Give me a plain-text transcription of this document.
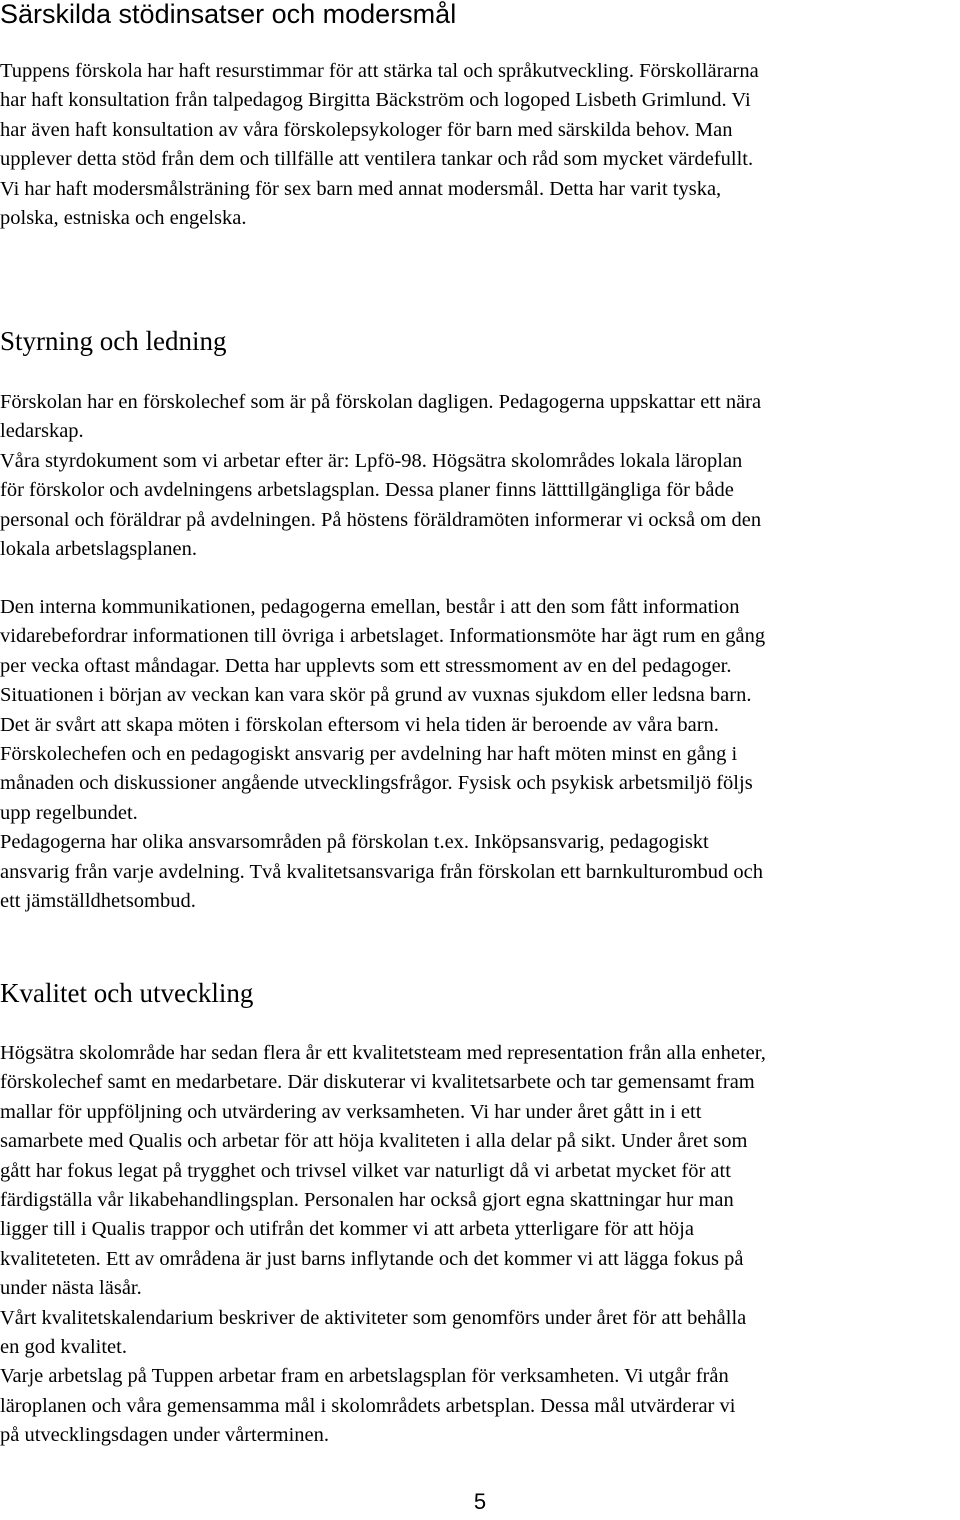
Särskilda stödinsatser och modersmål
Tuppens förskola har haft resurstimmar för att stärka tal och språkutveckling. Förskollärarna
har haft konsultation från talpedagog Birgitta Bäckström och logoped Lisbeth Grimlund. Vi
har även haft konsultation av våra förskolepsykologer för barn med särskilda behov. Man
upplever detta stöd från dem och tillfälle att ventilera tankar och råd som mycket värdefullt.
Vi har haft modersmålsträning för sex barn med annat modersmål. Detta har varit tyska,
polska, estniska och engelska.
Styrning och ledning
Förskolan har en förskolechef som är på förskolan dagligen. Pedagogerna uppskattar ett nära
ledarskap.
Våra styrdokument som vi arbetar efter är: Lpfö-98. Högsätra skolområdes lokala läroplan
för förskolor och avdelningens arbetslagsplan. Dessa planer finns lätttillgängliga för både
personal och föräldrar på avdelningen. På höstens föräldramöten informerar vi också om den
lokala arbetslagsplanen.
Den interna kommunikationen, pedagogerna emellan, består i att den som fått information
vidarebefordrar informationen till övriga i arbetslaget. Informationsmöte har ägt rum en gång
per vecka oftast måndagar. Detta har upplevts som ett stressmoment av en del pedagoger.
Situationen i början av veckan kan vara skör på grund av vuxnas sjukdom eller ledsna barn.
Det är svårt att skapa möten i förskolan eftersom vi hela tiden är beroende av våra barn.
Förskolechefen och en pedagogiskt ansvarig per avdelning har haft möten minst en gång i
månaden och diskussioner angående utvecklingsfrågor. Fysisk och psykisk arbetsmiljö följs
upp regelbundet.
Pedagogerna har olika ansvarsområden på förskolan t.ex. Inköpsansvarig, pedagogiskt
ansvarig från varje avdelning. Två kvalitetsansvariga från förskolan ett barnkulturombud och
ett jämställdhetsombud.
Kvalitet och utveckling
Högsätra skolområde har sedan flera år ett kvalitetsteam med representation från alla enheter,
förskolechef samt en medarbetare. Där diskuterar vi kvalitetsarbete och tar gemensamt fram
mallar för uppföljning och utvärdering av verksamheten. Vi har under året gått in i ett
samarbete med Qualis och arbetar för att höja kvaliteten i alla delar på sikt. Under året som
gått har fokus legat på trygghet och trivsel vilket var naturligt då vi arbetat mycket för att
färdigställa vår likabehandlingsplan. Personalen har också gjort egna skattningar hur man
ligger till i Qualis trappor och utifrån det kommer vi att arbeta ytterligare för att höja
kvaliteteten. Ett av områdena är just barns inflytande och det kommer vi att lägga fokus på
under nästa läsår.
Vårt kvalitetskalendarium beskriver de aktiviteter som genomförs under året för att behålla
en god kvalitet.
Varje arbetslag på Tuppen arbetar fram en arbetslagsplan för verksamheten. Vi utgår från
läroplanen och våra gemensamma mål i skolområdets arbetsplan. Dessa mål utvärderar vi
på utvecklingsdagen under vårterminen.
5
